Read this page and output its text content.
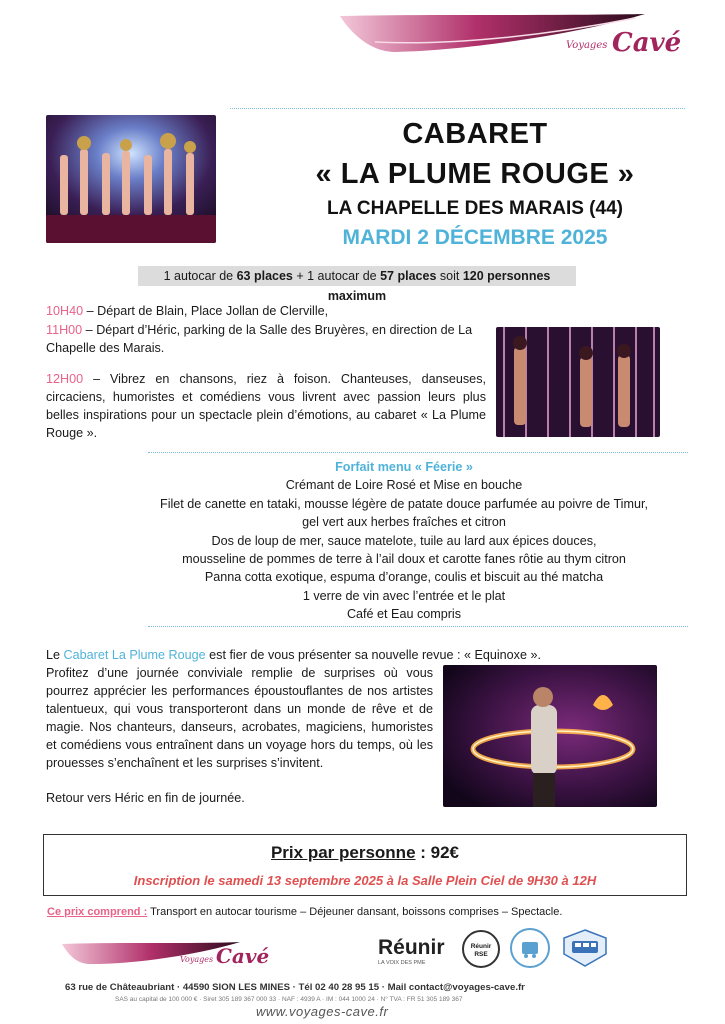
Voyages Cavé
CABARET
« LA PLUME ROUGE »
LA CHAPELLE DES MARAIS (44)
MARDI 2 DÉCEMBRE 2025
1 autocar de 63 places + 1 autocar de 57 places soit 120 personnes maximum
10H40 – Départ de Blain, Place Jollan de Clerville,
11H00 – Départ d’Héric, parking de la Salle des Bruyères, en direction de La Chapelle des Marais.
12H00 – Vibrez en chansons, riez à foison. Chanteuses, danseuses, circaciens, humoristes et comédiens vous livrent avec passion leurs plus belles inspirations pour un spectacle plein d’émotions, au cabaret « La Plume Rouge ».
Forfait menu « Féerie »
Crémant de Loire Rosé et Mise en bouche
Filet de canette en tataki, mousse légère de patate douce parfumée au poivre de Timur,
gel vert aux herbes fraîches et citron
Dos de loup de mer, sauce matelote, tuile au lard aux épices douces,
mousseline de pommes de terre à l’ail doux et carotte fanes rôtie au thym citron
Panna cotta exotique, espuma d’orange, coulis et biscuit au thé matcha
1 verre de vin avec l’entrée et le plat
Café et Eau compris
Le Cabaret La Plume Rouge est fier de vous présenter sa nouvelle revue : « Equinoxe ».
Profitez d’une journée conviviale remplie de surprises où vous pourrez apprécier les performances époustouflantes de nos artistes talentueux, qui vous transporteront dans un monde de rêve et de magie. Nos chanteurs, danseurs, acrobates, magiciens, humoristes et comédiens vous entraînent dans un voyage hors du temps, où les prouesses s’enchaînent et les surprises s’invitent.
Retour vers Héric en fin de journée.
Prix par personne : 92€
Inscription le samedi 13 septembre 2025 à la Salle Plein Ciel de 9H30 à 12H
Ce prix comprend : Transport en autocar tourisme – Déjeuner dansant, boissons comprises – Spectacle.
Voyages Cavé	Réunir
LA VOIX DES PME
Réunir RSE
63 rue de Châteaubriant · 44590 SION LES MINES · Tél 02 40 28 95 15 · Mail contact@voyages-cave.fr
SAS au capital de 100 000 € · Siret 305 189 367 000 33 · NAF : 4939 A · IM : 044 1000 24 · N° TVA : FR 51 305 189 367
www.voyages-cave.fr
